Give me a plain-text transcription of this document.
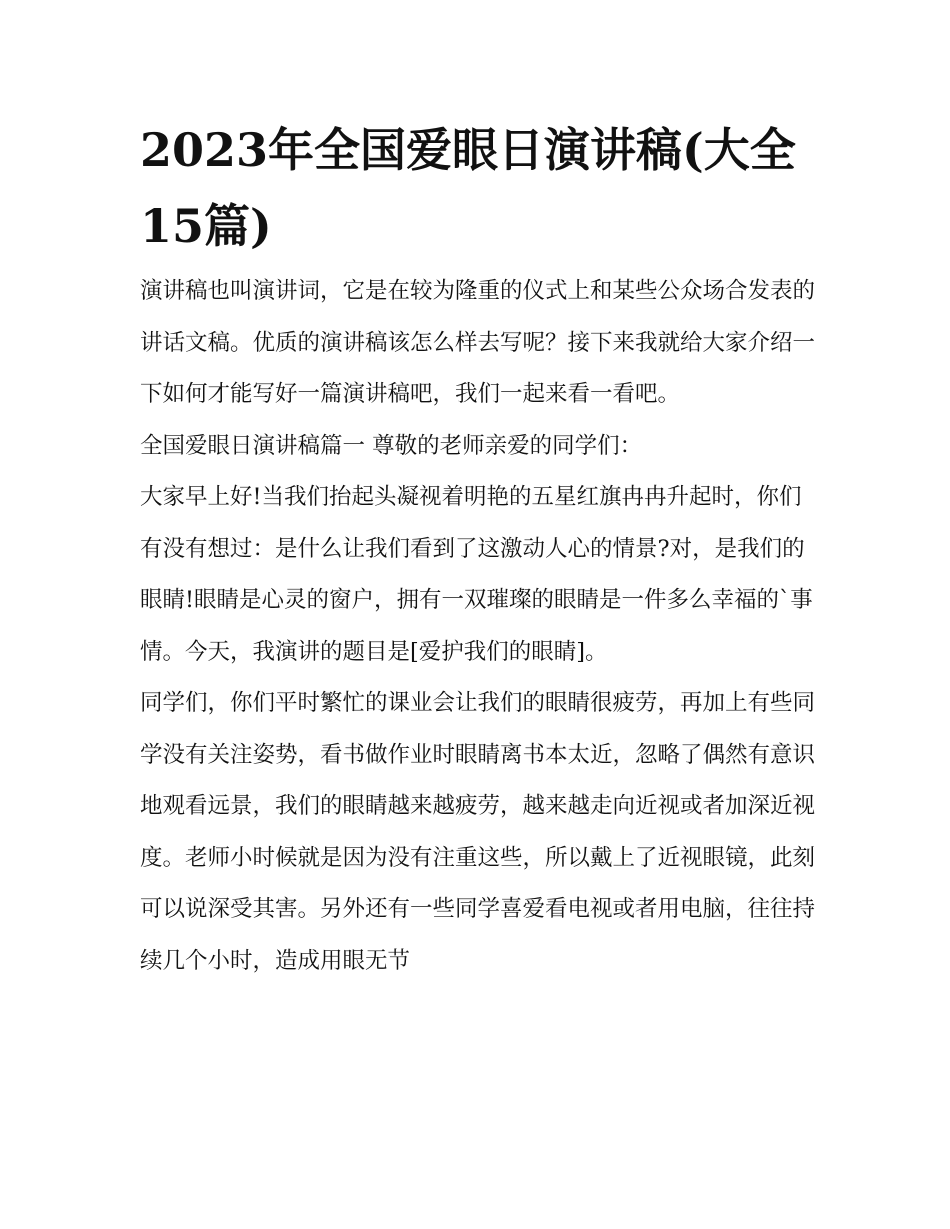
2023年全国爱眼日演讲稿(大全15篇)

演讲稿也叫演讲词，它是在较为隆重的仪式上和某些公众场合发表的讲话文稿。优质的演讲稿该怎么样去写呢？接下来我就给大家介绍一下如何才能写好一篇演讲稿吧，我们一起来看一看吧。

全国爱眼日演讲稿篇一 尊敬的老师亲爱的同学们：

大家早上好!当我们抬起头凝视着明艳的五星红旗冉冉升起时，你们有没有想过：是什么让我们看到了这激动人心的情景?对，是我们的眼睛!眼睛是心灵的窗户，拥有一双璀璨的眼睛是一件多么幸福的`事情。今天，我演讲的题目是[爱护我们的眼睛]。

同学们，你们平时繁忙的课业会让我们的眼睛很疲劳，再加上有些同学没有关注姿势，看书做作业时眼睛离书本太近，忽略了偶然有意识地观看远景，我们的眼睛越来越疲劳，越来越走向近视或者加深近视度。老师小时候就是因为没有注重这些，所以戴上了近视眼镜，此刻可以说深受其害。另外还有一些同学喜爱看电视或者用电脑，往往持续几个小时，造成用眼无节
